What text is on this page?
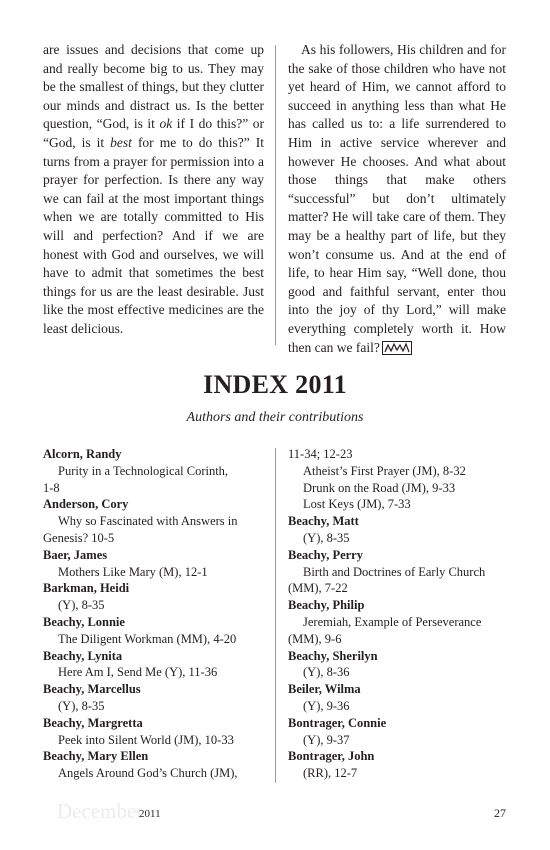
are issues and decisions that come up and really become big to us. They may be the smallest of things, but they clutter our minds and distract us. Is the better question, “God, is it ok if I do this?” or “God, is it best for me to do this?” It turns from a prayer for permission into a prayer for perfection. Is there any way we can fail at the most important things when we are totally committed to His will and perfection? And if we are honest with God and ourselves, we will have to admit that sometimes the best things for us are the least desirable. Just like the most effective medicines are the least delicious.

As his followers, His children and for the sake of those children who have not yet heard of Him, we cannot afford to succeed in anything less than what He has called us to: a life surrendered to Him in active service wherever and however He chooses. And what about those things that make others “successful” but don’t ultimately matter? He will take care of them. They may be a healthy part of life, but they won’t consume us. And at the end of life, to hear Him say, “Well done, thou good and faithful servant, enter thou into the joy of thy Lord,” will make everything completely worth it. How then can we fail?

INDEX 2011
Authors and their contributions
Alcorn, Randy
Purity in a Technological Corinth,
1-8
Anderson, Cory
Why so Fascinated with Answers in
Genesis? 10-5
Baer, James
Mothers Like Mary (M), 12-1
Barkman, Heidi
(Y), 8-35
Beachy, Lonnie
The Diligent Workman (MM), 4-20
Beachy, Lynita
Here Am I, Send Me (Y), 11-36
Beachy, Marcellus
(Y), 8-35
Beachy, Margretta
Peek into Silent World (JM), 10-33
Beachy, Mary Ellen
Angels Around God’s Church (JM),
11-34; 12-23
Atheist’s First Prayer (JM), 8-32
Drunk on the Road (JM), 9-33
Lost Keys (JM), 7-33
Beachy, Matt
(Y), 8-35
Beachy, Perry
Birth and Doctrines of Early Church
(MM), 7-22
Beachy, Philip
Jeremiah, Example of Perseverance
(MM), 9-6
Beachy, Sherilyn
(Y), 8-36
Beiler, Wilma
(Y), 9-36
Bontrager, Connie
(Y), 9-37
Bontrager, John
(RR), 12-7
December
2011	27
